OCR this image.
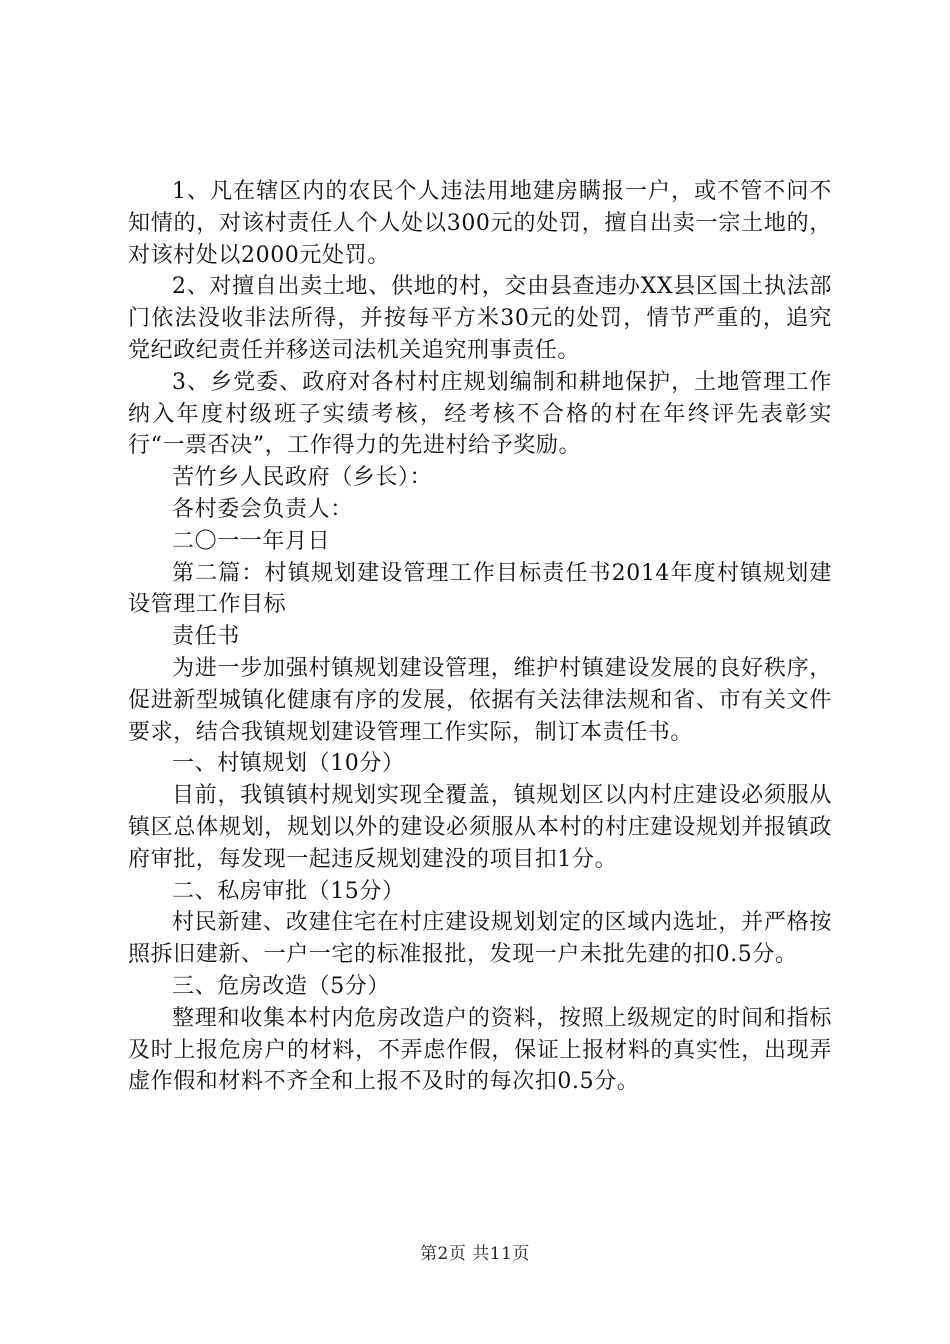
1、凡在辖区内的农民个人违法用地建房瞒报一户，或不管不问不知情的，对该村责任人个人处以300元的处罚，擅自出卖一宗土地的，对该村处以2000元处罚。

2、对擅自出卖土地、供地的村，交由县查违办XX县区国土执法部门依法没收非法所得，并按每平方米30元的处罚，情节严重的，追究党纪政纪责任并移送司法机关追究刑事责任。

3、乡党委、政府对各村村庄规划编制和耕地保护，土地管理工作纳入年度村级班子实绩考核，经考核不合格的村在年终评先表彰实行“一票否决”，工作得力的先进村给予奖励。

苦竹乡人民政府（乡长）：

各村委会负责人：

二〇一一年月日

第二篇：村镇规划建设管理工作目标责任书2014年度村镇规划建设管理工作目标

责任书

为进一步加强村镇规划建设管理，维护村镇建设发展的良好秩序，促进新型城镇化健康有序的发展，依据有关法律法规和省、市有关文件要求，结合我镇规划建设管理工作实际，制订本责任书。

一、村镇规划（10分）

目前，我镇镇村规划实现全覆盖，镇规划区以内村庄建设必须服从镇区总体规划，规划以外的建设必须服从本村的村庄建设规划并报镇政府审批，每发现一起违反规划建没的项目扣1分。

二、私房审批（15分）

村民新建、改建住宅在村庄建设规划划定的区域内选址，并严格按照拆旧建新、一户一宅的标准报批，发现一户未批先建的扣0.5分。

三、危房改造（5分）

整理和收集本村内危房改造户的资料，按照上级规定的时间和指标及时上报危房户的材料，不弄虑作假，保证上报材料的真实性，出现弄虚作假和材料不齐全和上报不及时的每次扣0.5分。

第2页 共11页
